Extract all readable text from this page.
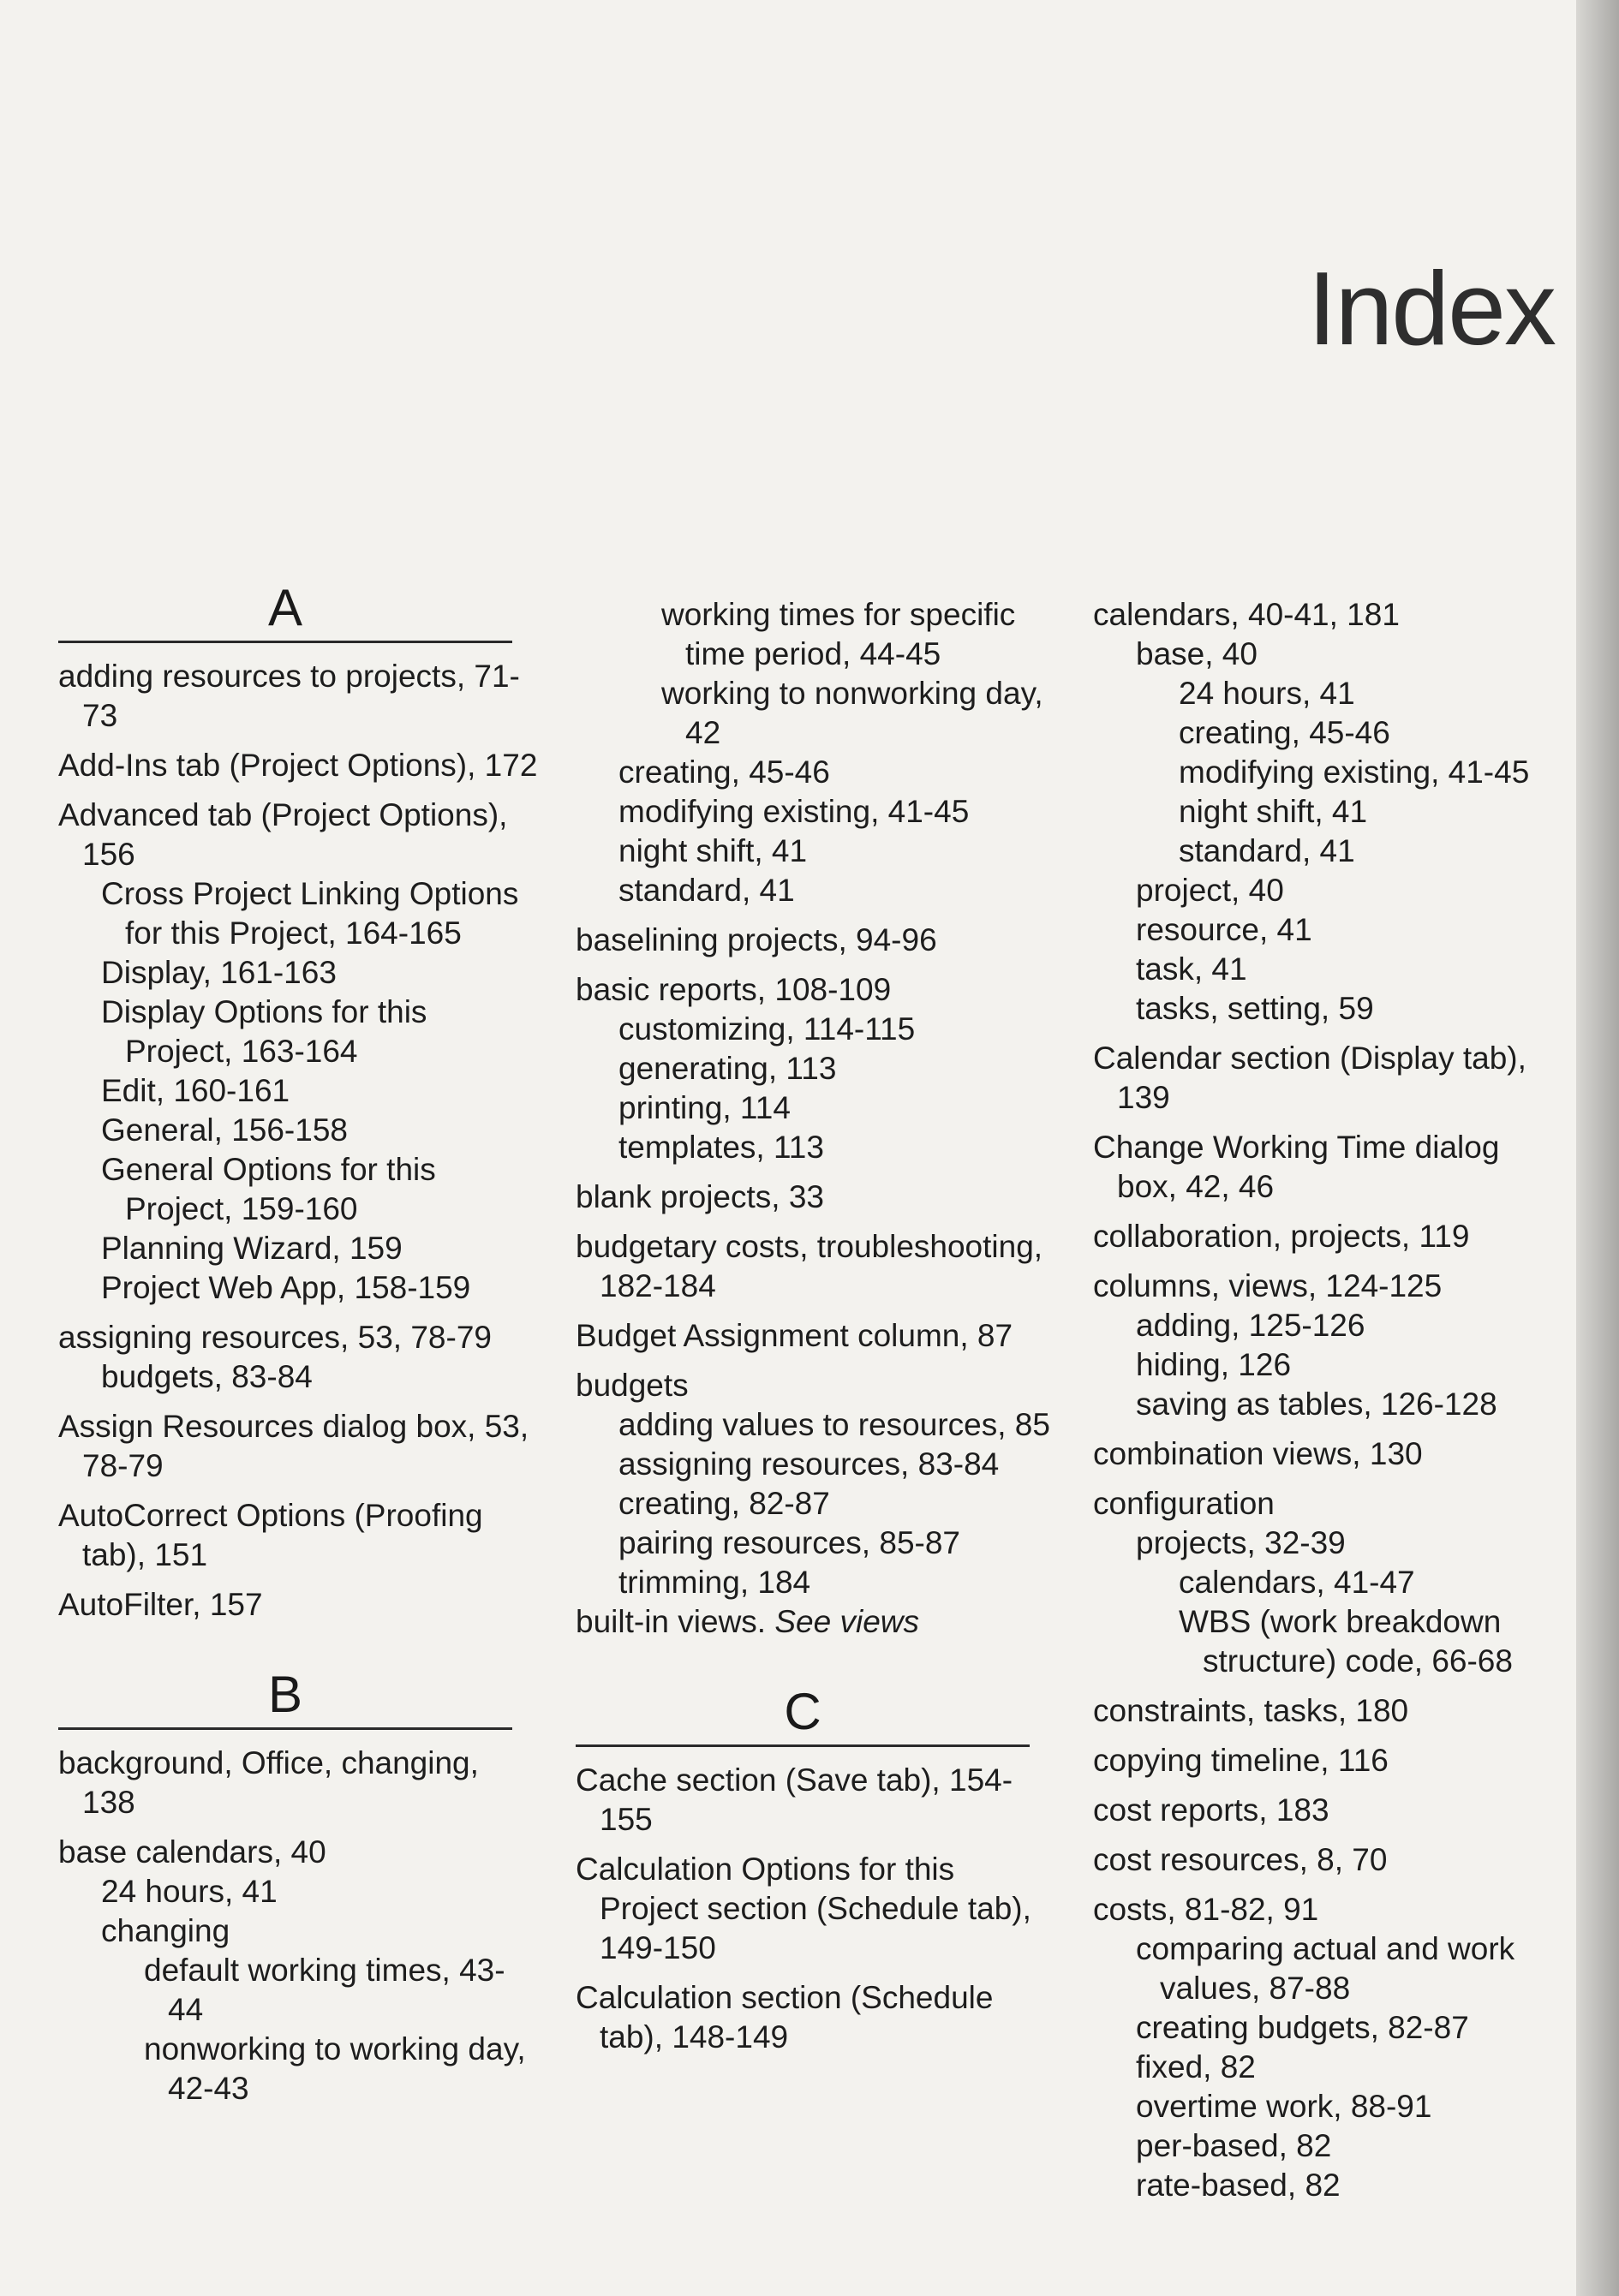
Index
A
adding resources to projects, 71-73
Add-Ins tab (Project Options), 172
Advanced tab (Project Options), 156
Cross Project Linking Options for this Project, 164-165
Display, 161-163
Display Options for this Project, 163-164
Edit, 160-161
General, 156-158
General Options for this Project, 159-160
Planning Wizard, 159
Project Web App, 158-159
assigning resources, 53, 78-79
budgets, 83-84
Assign Resources dialog box, 53, 78-79
AutoCorrect Options (Proofing tab), 151
AutoFilter, 157
B
background, Office, changing, 138
base calendars, 40
24 hours, 41
changing
default working times, 43-44
nonworking to working day, 42-43
working times for specific time period, 44-45
working to nonworking day, 42
creating, 45-46
modifying existing, 41-45
night shift, 41
standard, 41
baselining projects, 94-96
basic reports, 108-109
customizing, 114-115
generating, 113
printing, 114
templates, 113
blank projects, 33
budgetary costs, troubleshooting, 182-184
Budget Assignment column, 87
budgets
adding values to resources, 85
assigning resources, 83-84
creating, 82-87
pairing resources, 85-87
trimming, 184
built-in views. See views
C
Cache section (Save tab), 154-155
Calculation Options for this Project section (Schedule tab), 149-150
Calculation section (Schedule tab), 148-149
calendars, 40-41, 181
base, 40
24 hours, 41
creating, 45-46
modifying existing, 41-45
night shift, 41
standard, 41
project, 40
resource, 41
task, 41
tasks, setting, 59
Calendar section (Display tab), 139
Change Working Time dialog box, 42, 46
collaboration, projects, 119
columns, views, 124-125
adding, 125-126
hiding, 126
saving as tables, 126-128
combination views, 130
configuration
projects, 32-39
calendars, 41-47
WBS (work breakdown structure) code, 66-68
constraints, tasks, 180
copying timeline, 116
cost reports, 183
cost resources, 8, 70
costs, 81-82, 91
comparing actual and work values, 87-88
creating budgets, 82-87
fixed, 82
overtime work, 88-91
per-based, 82
rate-based, 82
